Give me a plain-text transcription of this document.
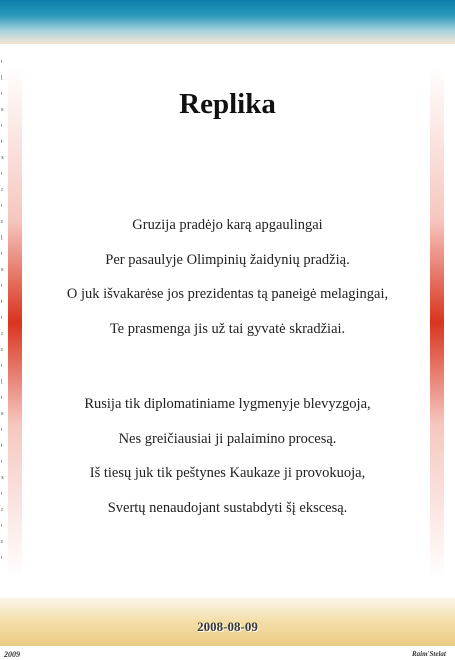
ı
ɭ
ı
ɛ
ı
ɨ
ɜ
ı
ɾ
ı
ɪ
ɭ
ı
ɛ
ı
ɨ
ı
ɾ
ɪ
ı
ɭ
ı
ɛ
ı
ɨ
ı
ɜ
ı
ɾ
ı
ɪ
ı
Replika
Gruzija pradėjo karą apgaulingai
Per pasaulyje Olimpinių žaidynių pradžią.
O juk išvakarėse jos prezidentas tą paneigė melagingai,
Te prasmenga jis už tai gyvatė skradžiai.
Rusija tik diplomatiniame lygmenyje blevyzgoja,
Nes greičiausiai ji palaimino procesą.
Iš tiesų juk tik peštynes Kaukaze ji provokuoja,
Svertų nenaudojant sustabdyti šį ekscesą.
2008-08-09
2009	Raim'Stelat
